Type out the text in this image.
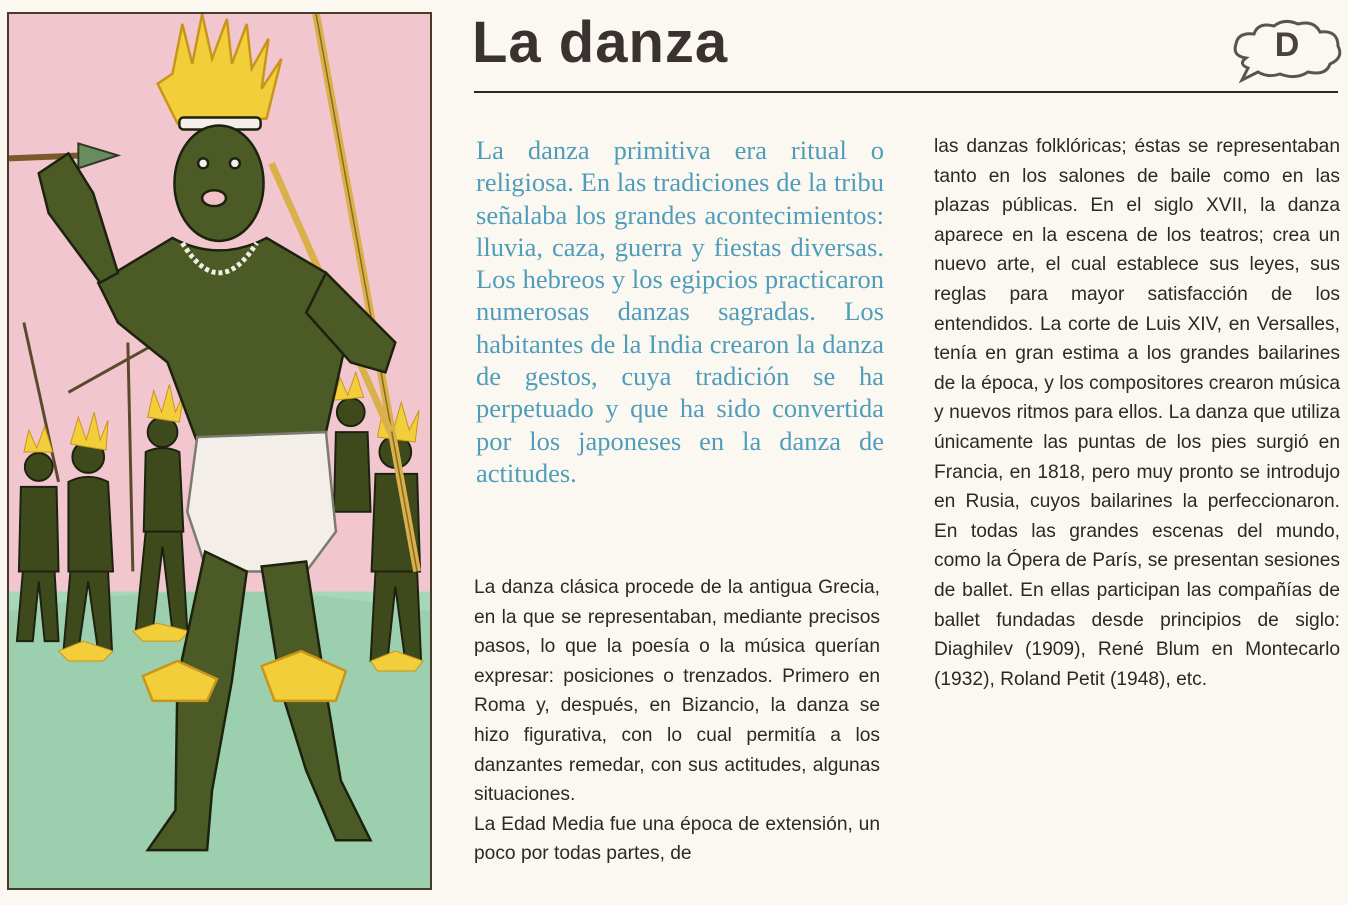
La danza	D

La danza primitiva era ritual o religiosa. En las tradiciones de la tribu señalaba los grandes acontecimientos: lluvia, caza, guerra y fiestas diversas. Los hebreos y los egipcios practicaron numerosas danzas sagradas. Los habitantes de la India crearon la danza de gestos, cuya tradición se ha perpetuado y que ha sido convertida por los japoneses en la danza de actitudes.

La danza clásica procede de la antigua Grecia, en la que se representaban, mediante precisos pasos, lo que la poesía o la música querían expresar: posiciones o trenzados. Primero en Roma y, después, en Bizancio, la danza se hizo figurativa, con lo cual permitía a los danzantes remedar, con sus actitudes, algunas situaciones.

La Edad Media fue una época de extensión, un poco por todas partes, de

las danzas folklóricas; éstas se representaban tanto en los salones de baile como en las plazas públicas. En el siglo XVII, la danza aparece en la escena de los teatros; crea un nuevo arte, el cual establece sus leyes, sus reglas para mayor satisfacción de los entendidos. La corte de Luis XIV, en Versalles, tenía en gran estima a los grandes bailarines de la época, y los compositores crearon música y nuevos ritmos para ellos. La danza que utiliza únicamente las puntas de los pies surgió en Francia, en 1818, pero muy pronto se introdujo en Rusia, cuyos bailarines la perfeccionaron. En todas las grandes escenas del mundo, como la Ópera de París, se presentan sesiones de ballet. En ellas participan las compañías de ballet fundadas desde principios de siglo: Diaghilev (1909), René Blum en Montecarlo (1932), Roland Petit (1948), etc.
